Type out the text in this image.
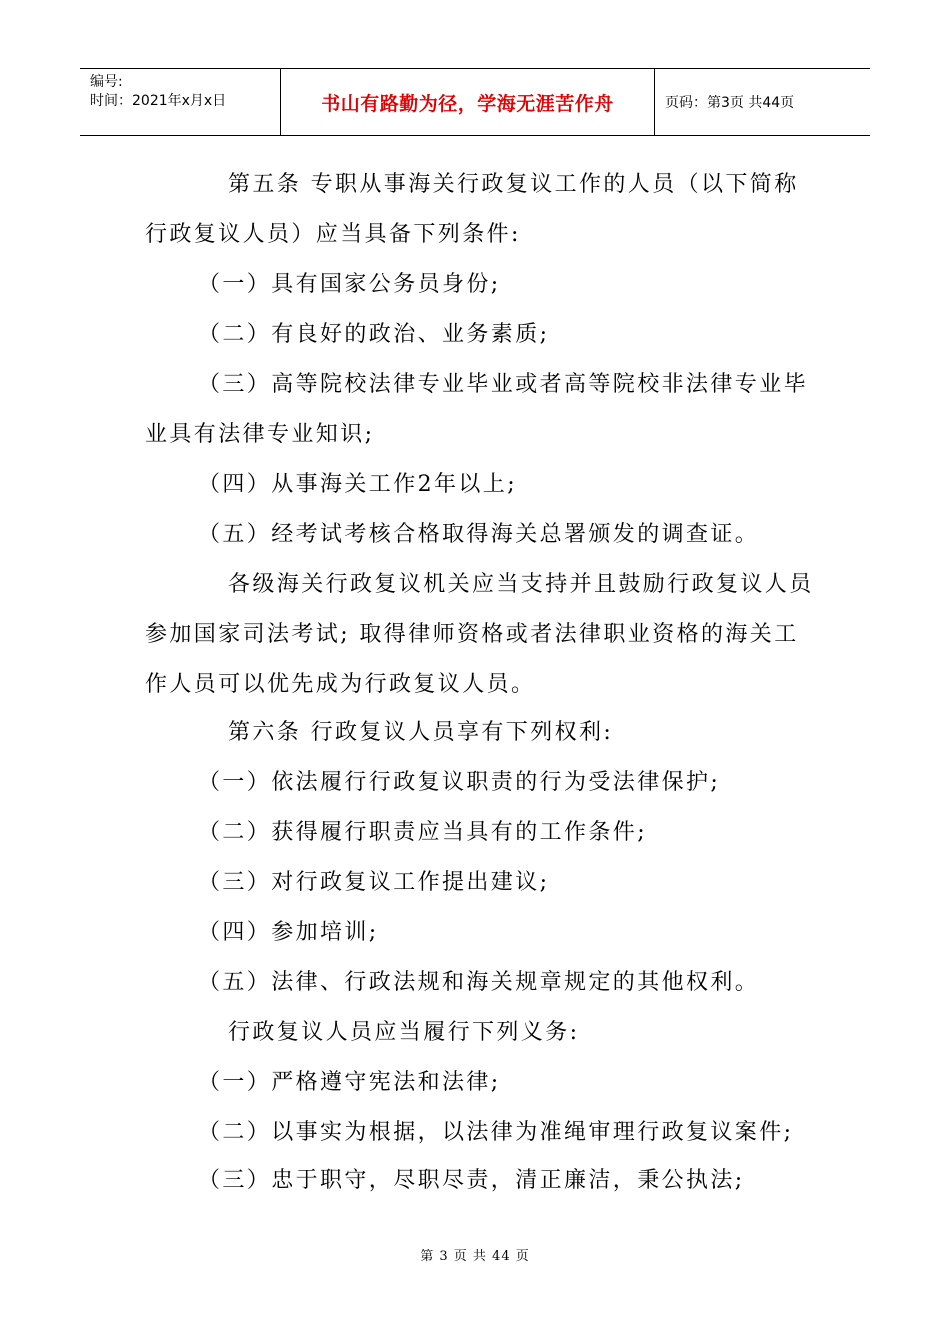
编号:
时间：2021年x月x日	书山有路勤为径，学海无涯苦作舟	页码：第3页 共44页
第五条 专职从事海关行政复议工作的人员（以下简称
行政复议人员）应当具备下列条件:
（一）具有国家公务员身份;
（二）有良好的政治、业务素质;
（三）高等院校法律专业毕业或者高等院校非法律专业毕
业具有法律专业知识;
（四）从事海关工作2年以上;
（五）经考试考核合格取得海关总署颁发的调查证。
各级海关行政复议机关应当支持并且鼓励行政复议人员
参加国家司法考试; 取得律师资格或者法律职业资格的海关工
作人员可以优先成为行政复议人员。
第六条 行政复议人员享有下列权利:
（一）依法履行行政复议职责的行为受法律保护;
（二）获得履行职责应当具有的工作条件;
（三）对行政复议工作提出建议;
（四）参加培训;
（五）法律、行政法规和海关规章规定的其他权利。
行政复议人员应当履行下列义务:
（一）严格遵守宪法和法律;
（二）以事实为根据，以法律为准绳审理行政复议案件;
（三）忠于职守，尽职尽责，清正廉洁，秉公执法;
第 3 页 共 44 页
